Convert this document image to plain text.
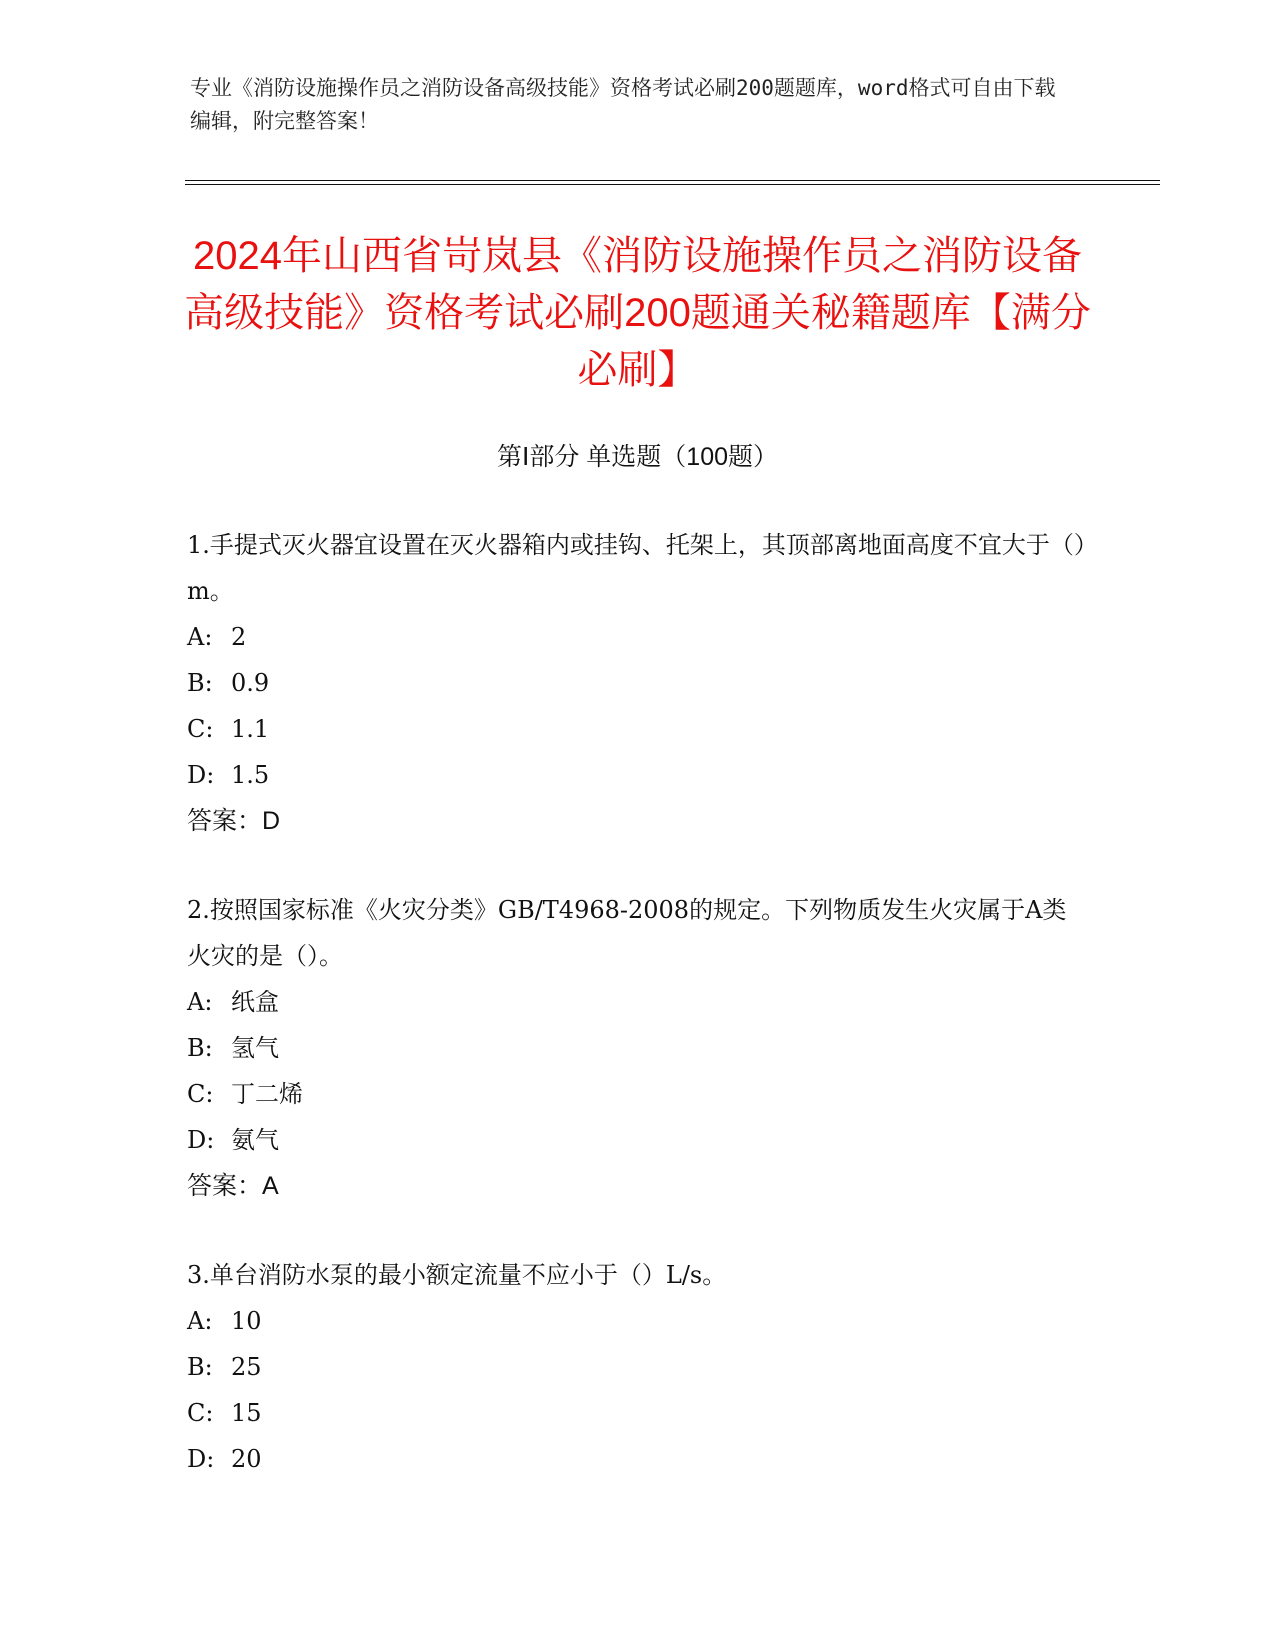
专业《消防设施操作员之消防设备高级技能》资格考试必刷200题题库，word格式可自由下载编辑，附完整答案！
2024年山西省岢岚县《消防设施操作员之消防设备高级技能》资格考试必刷200题通关秘籍题库【满分必刷】
第Ⅰ部分 单选题（100题）

1.手提式灭火器宜设置在灭火器箱内或挂钩、托架上，其顶部离地面高度不宜大于（）m。

A: 2

B: 0.9

C: 1.1

D: 1.5

答案：D

2.按照国家标准《火灾分类》GB/T4968-2008的规定。下列物质发生火灾属于A类火灾的是（）。

A: 纸盒

B: 氢气

C: 丁二烯

D: 氨气

答案：A

3.单台消防水泵的最小额定流量不应小于（）L/s。

A: 10

B: 25

C: 15

D: 20
